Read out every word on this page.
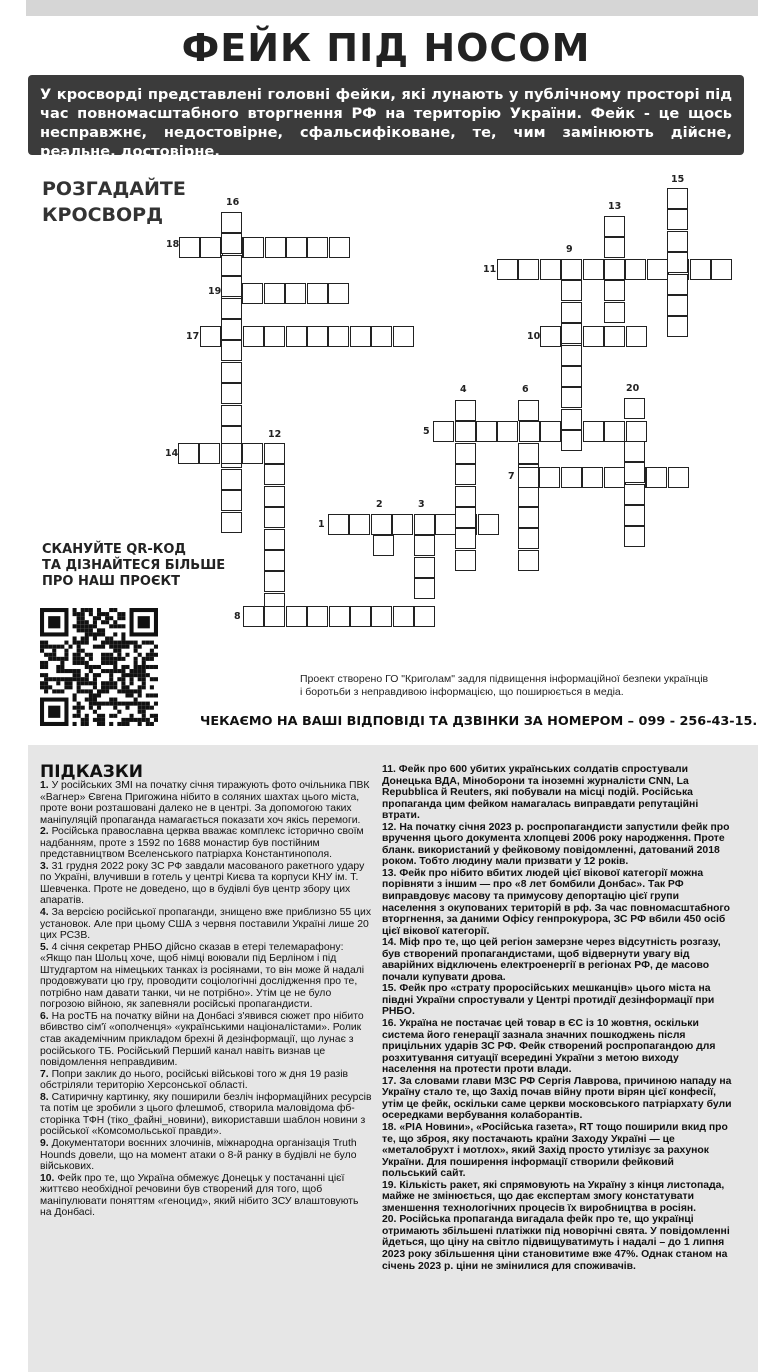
ФЕЙК ПІД НОСОМ
У кросворді представлені головні фейки, які лунають у публічному просторі під час повномасштабного вторгнення РФ на територію України. Фейк - це щось несправжнє, недостовірне, сфальсифіковане, те, чим замінюють дійсне, реальне, достовірне.
РОЗГАДАЙТЕ
КРОСВОРД
18
19
17
16
14
12
8
1
2	3
4
5
6
7
20
10
9
11
13
15
СКАНУЙТЕ QR-КОД
ТА ДІЗНАЙТЕСЯ БІЛЬШЕ
ПРО НАШ ПРОЄКТ
Проект створено ГО "Криголам" задля підвищення інформаційної безпеки українців
і боротьби з неправдивою інформацією, що поширюється в медіа.
ЧЕКАЄМО НА ВАШІ ВІДПОВІДІ ТА ДЗВІНКИ ЗА НОМЕРОМ – 099 - 256-43-15.
ПІДКАЗКИ

1. У російських ЗМІ на початку січня тиражують фото очільника ПВК «Вагнер» Євгена Пригожина нібито в соляних шахтах цього міста, проте вони розташовані далеко не в центрі. За допомогою таких маніпуляцій пропаганда намагається показати хоч якісь перемоги.

2. Російська православна церква вважає комплекс історично своїм надбанням, проте з 1592 по 1688 монастир був постійним представництвом Вселенського патріарха Константинополя.

3. 31 грудня 2022 року ЗС РФ завдали масованого ракетного удару по Україні, влучивши в готель у центрі Києва та корпуси КНУ ім. Т. Шевченка. Проте не доведено, що в будівлі був центр збору цих апаратів.

4. За версією російської пропаганди, знищено вже приблизно 55 цих установок. Але при цьому США з червня поставили Україні лише 20 цих РСЗВ.

5. 4 січня секретар РНБО дійсно сказав в етері телемарафону: «Якщо пан Шольц хоче, щоб німці воювали під Берліном і під Штудгартом на німецьких танках із росіянами, то він може й надалі продовжувати цю гру, проводити соціологічні дослідження про те, потрібно нам давати танки, чи не потрібно». Утім це не було погрозою війною, як запевняли російські пропагандисти.

6. На росТБ на початку війни на Донбасі з'явився сюжет про нібито вбивство сім'ї «ополченця» «українськими націоналістами». Ролик став академічним прикладом брехні й дезінформації, що лунає з російського ТБ. Російський Перший канал навіть визнав це повідомлення неправдивим.

7. Попри заклик до нього, російські військові того ж дня 19 разів обстріляли територію Херсонської області.

8. Сатиричну картинку, яку поширили безліч інформаційних ресурсів та потім це зробили з цього флешмоб, створила маловідома фб-сторінка ТФН (тіко_файні_новини), використавши шаблон новини з російської «Комсомольської правди».

9. Документатори воєнних злочинів, міжнародна організація Truth Hounds довели, що на момент атаки о 8-й ранку в будівлі не було військових.

10. Фейк про те, що Україна обмежує Донецьк у постачанні цієї життєво необхідної речовини був створений для того, щоб маніпулювати поняттям «геноцид», який нібито ЗСУ влаштовують на Донбасі.

11. Фейк про 600 убитих українських солдатів спростували Донецька ВДА, Міноборони та іноземні журналісти CNN, La Repubblica й Reuters, які побували на місці подій. Російська пропаганда цим фейком намагалась виправдати репутаційні втрати.

12. На початку січня 2023 р. роспропагандисти запустили фейк про вручення цього документа хлопцеві 2006 року народження. Проте бланк. використаний у фейковому повідомленні, датований 2018 роком. Тобто людину мали призвати у 12 років.

13. Фейк про нібито вбитих людей цієї вікової категорії можна порівняти з іншим — про «8 лет бомбили Донбас». Так РФ виправдовує масову та примусову депортацію цієї групи населення з окупованих територій в рф. За час повномасштабного вторгнення, за даними Офісу генпрокурора, ЗС РФ вбили 450 осіб цієї вікової категорії.

14. Міф про те, що цей регіон замерзне через відсутність розгазу, був створений пропагандистами, щоб відвернути увагу від аварійних відключень електроенергії в регіонах РФ, де масово почали купувати дрова.

15. Фейк про «страту проросійських мешканців» цього міста на півдні України спростували у Центрі протидії дезінформації при РНБО.

16. Україна не постачає цей товар в ЄС із 10 жовтня, оскільки система його генерації зазнала значних пошкоджень після прицільних ударів ЗС РФ. Фейк створений роспропагандою для розхитування ситуації всередині України з метою виходу населення на протести проти влади.

17. За словами глави МЗС РФ Сергія Лаврова, причиною нападу на Україну стало те, що Захід почав війну проти вірян цієї конфесії, утім це фейк, оскільки саме церкви московського патріархату були осередками вербування колаборантів.

18. «РІА Новини», «Російська газета», RT тощо поширили вкид про те, що зброя, яку постачають країни Заходу Україні — це «металобрухт і мотлох», який Захід просто утилізує за рахунок України. Для поширення інформації створили фейковий польський сайт.

19. Кількість ракет, які спрямовують на Україну з кінця листопада, майже не змінюється, що дає експертам змогу констатувати зменшення технологічних процесів їх виробництва в росіян.

20. Російська пропаганда вигадала фейк про те, що українці отримають збільшені платіжки під новорічні свята. У повідомленні йдеться, що ціну на світло підвищуватимуть і надалі – до 1 липня 2023 року збільшення ціни становитиме вже 47%. Однак станом на січень 2023 р. ціни не змінилися для споживачів.
